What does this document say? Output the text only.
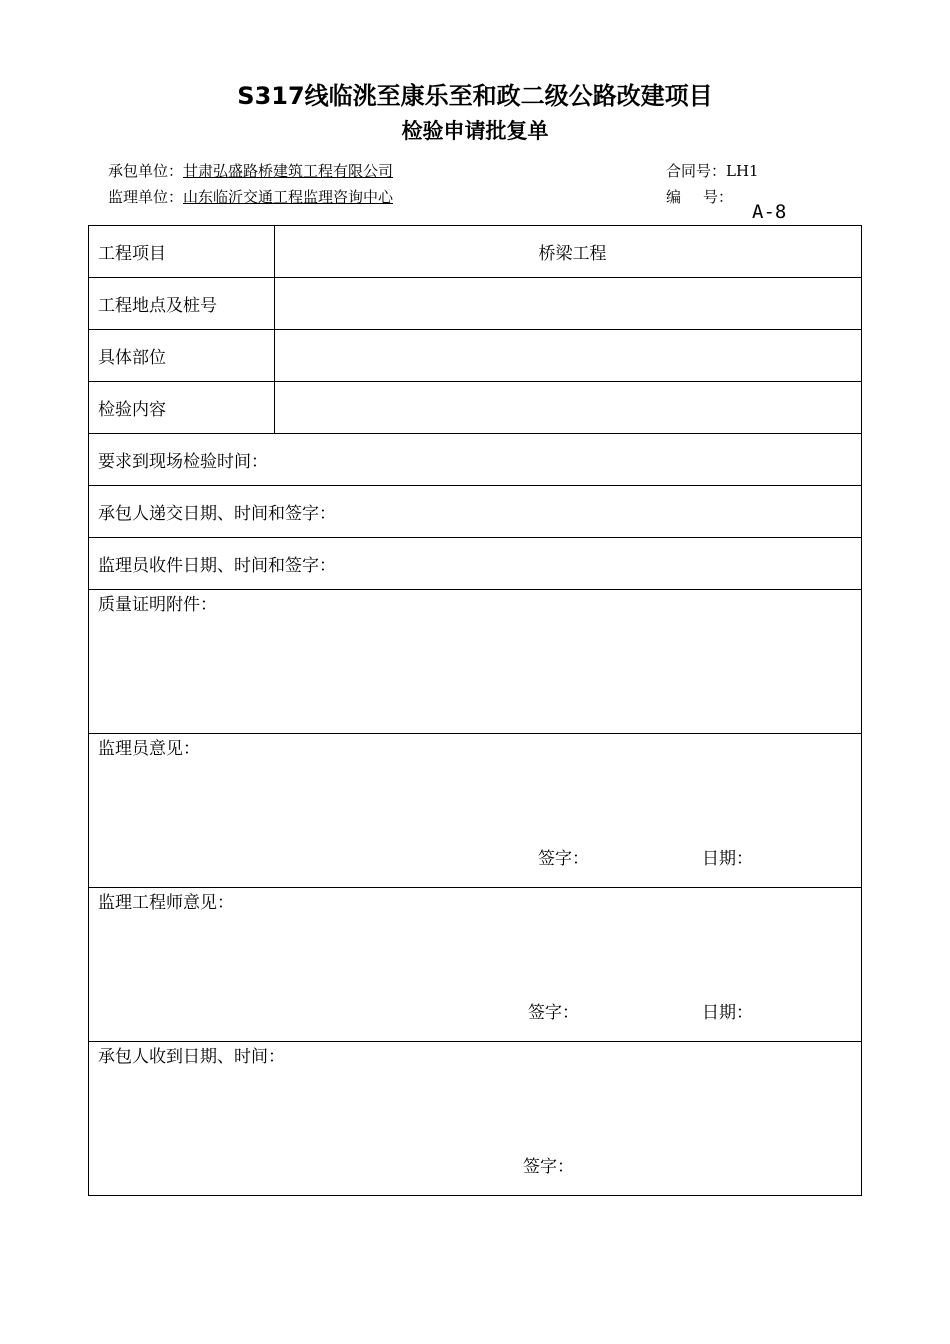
S317线临洮至康乐至和政二级公路改建项目
检验申请批复单
承包单位：甘肃弘盛路桥建筑工程有限公司
监理单位：山东临沂交通工程监理咨询中心
合同号：LH1
编 号：
A-8
工程项目	桥梁工程
工程地点及桩号	
具体部位	
检验内容	
要求到现场检验时间：	
承包人递交日期、时间和签字：	
监理员收件日期、时间和签字：	
质量证明附件：	
监理员意见：
签字： 日期：	

监理工程师意见：
签字： 日期：	

承包人收到日期、时间：
签字：	
